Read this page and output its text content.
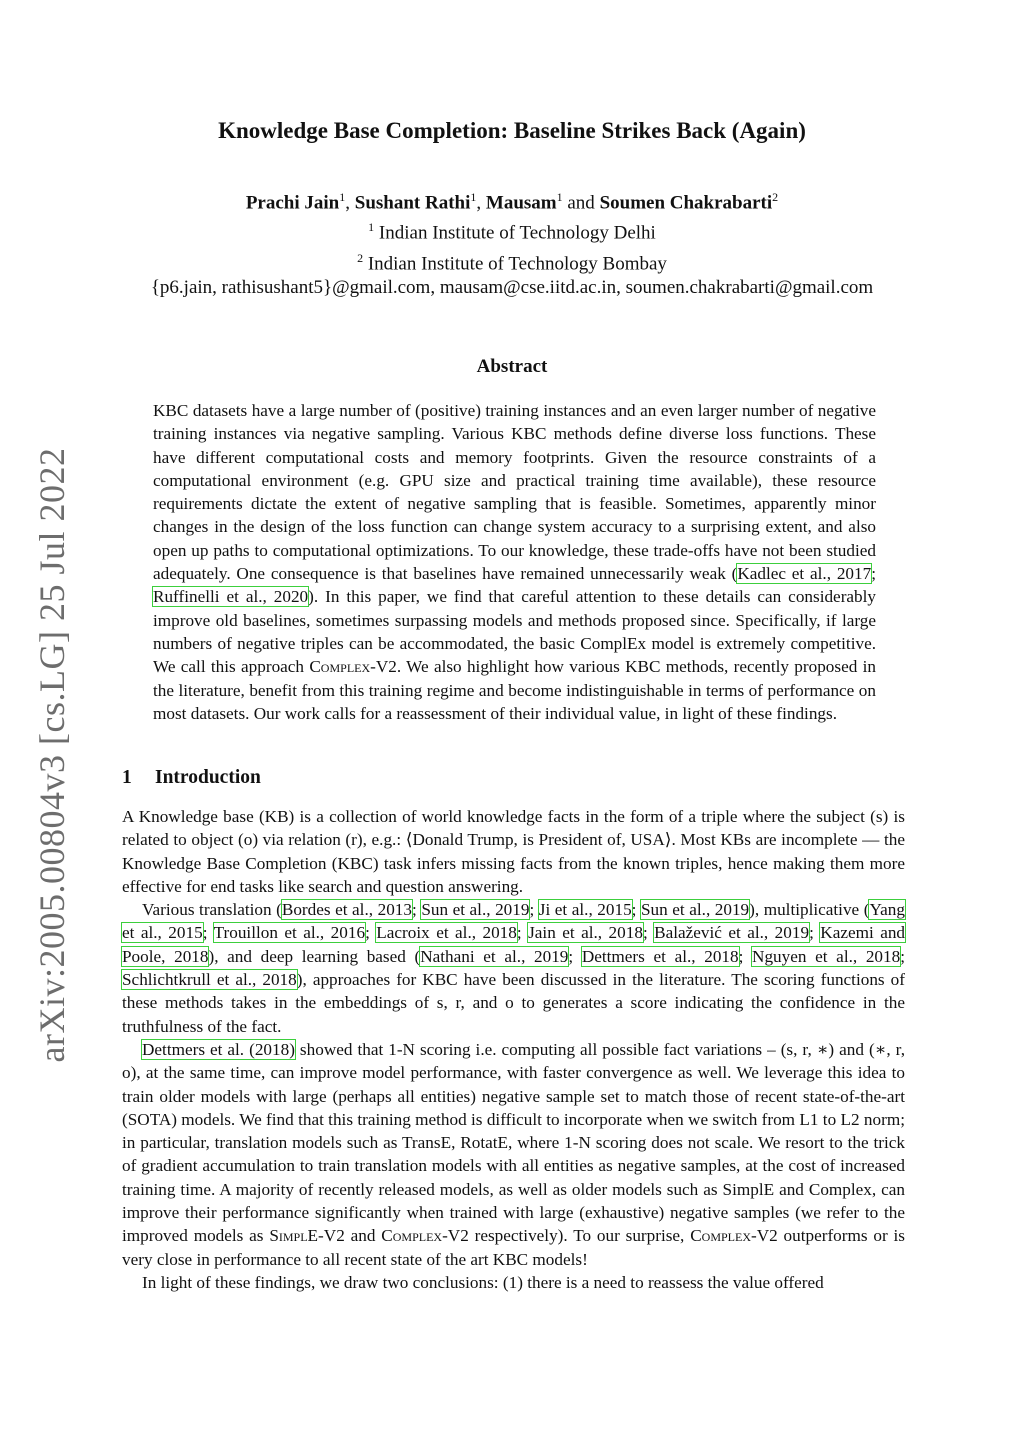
arXiv:2005.00804v3 [cs.LG] 25 Jul 2022
Knowledge Base Completion: Baseline Strikes Back (Again)
Prachi Jain$^1$, Sushant Rathi$^1$, Mausam$^1$ and Soumen Chakrabarti$^2$
$^1$ Indian Institute of Technology Delhi
$^2$ Indian Institute of Technology Bombay
{p6.jain, rathisushant5}@gmail.com, mausam@cse.iitd.ac.in, soumen.chakrabarti@gmail.com
Abstract
KBC datasets have a large number of (positive) training instances and an even larger number of negative training instances via negative sampling. Various KBC methods define diverse loss functions. These have different computational costs and memory footprints. Given the resource constraints of a computational environment (e.g. GPU size and practical training time available), these resource requirements dictate the extent of negative sampling that is feasible. Sometimes, apparently minor changes in the design of the loss function can change system accuracy to a surprising extent, and also open up paths to computational optimizations. To our knowledge, these trade-offs have not been studied adequately. One consequence is that baselines have remained unnecessarily weak (Kadlec et al., 2017; Ruffinelli et al., 2020). In this paper, we find that careful attention to these details can considerably improve old baselines, sometimes surpassing models and methods proposed since. Specifically, if large numbers of negative triples can be accommodated, the basic ComplEx model is extremely competitive. We call this approach Complex-V2. We also highlight how various KBC methods, recently proposed in the literature, benefit from this training regime and become indistinguishable in terms of performance on most datasets. Our work calls for a reassessment of their individual value, in light of these findings.
1 Introduction

A Knowledge base (KB) is a collection of world knowledge facts in the form of a triple where the subject (s) is related to object (o) via relation (r), e.g.: ⟨Donald Trump, is President of, USA⟩. Most KBs are incomplete — the Knowledge Base Completion (KBC) task infers missing facts from the known triples, hence making them more effective for end tasks like search and question answering.

Various translation (Bordes et al., 2013; Sun et al., 2019; Ji et al., 2015; Sun et al., 2019), multiplicative (Yang et al., 2015; Trouillon et al., 2016; Lacroix et al., 2018; Jain et al., 2018; Balažević et al., 2019; Kazemi and Poole, 2018), and deep learning based (Nathani et al., 2019; Dettmers et al., 2018; Nguyen et al., 2018; Schlichtkrull et al., 2018), approaches for KBC have been discussed in the literature. The scoring functions of these methods takes in the embeddings of s, r, and o to generates a score indicating the confidence in the truthfulness of the fact.

Dettmers et al. (2018) showed that 1-N scoring i.e. computing all possible fact variations – (s, r, ∗) and (∗, r, o), at the same time, can improve model performance, with faster convergence as well. We leverage this idea to train older models with large (perhaps all entities) negative sample set to match those of recent state-of-the-art (SOTA) models. We find that this training method is difficult to incorporate when we switch from L1 to L2 norm; in particular, translation models such as TransE, RotatE, where 1-N scoring does not scale. We resort to the trick of gradient accumulation to train translation models with all entities as negative samples, at the cost of increased training time. A majority of recently released models, as well as older models such as SimplE and Complex, can improve their performance significantly when trained with large (exhaustive) negative samples (we refer to the improved models as SimplE-V2 and Complex-V2 respectively). To our surprise, Complex-V2 outperforms or is very close in performance to all recent state of the art KBC models!

In light of these findings, we draw two conclusions: (1) there is a need to reassess the value offered
